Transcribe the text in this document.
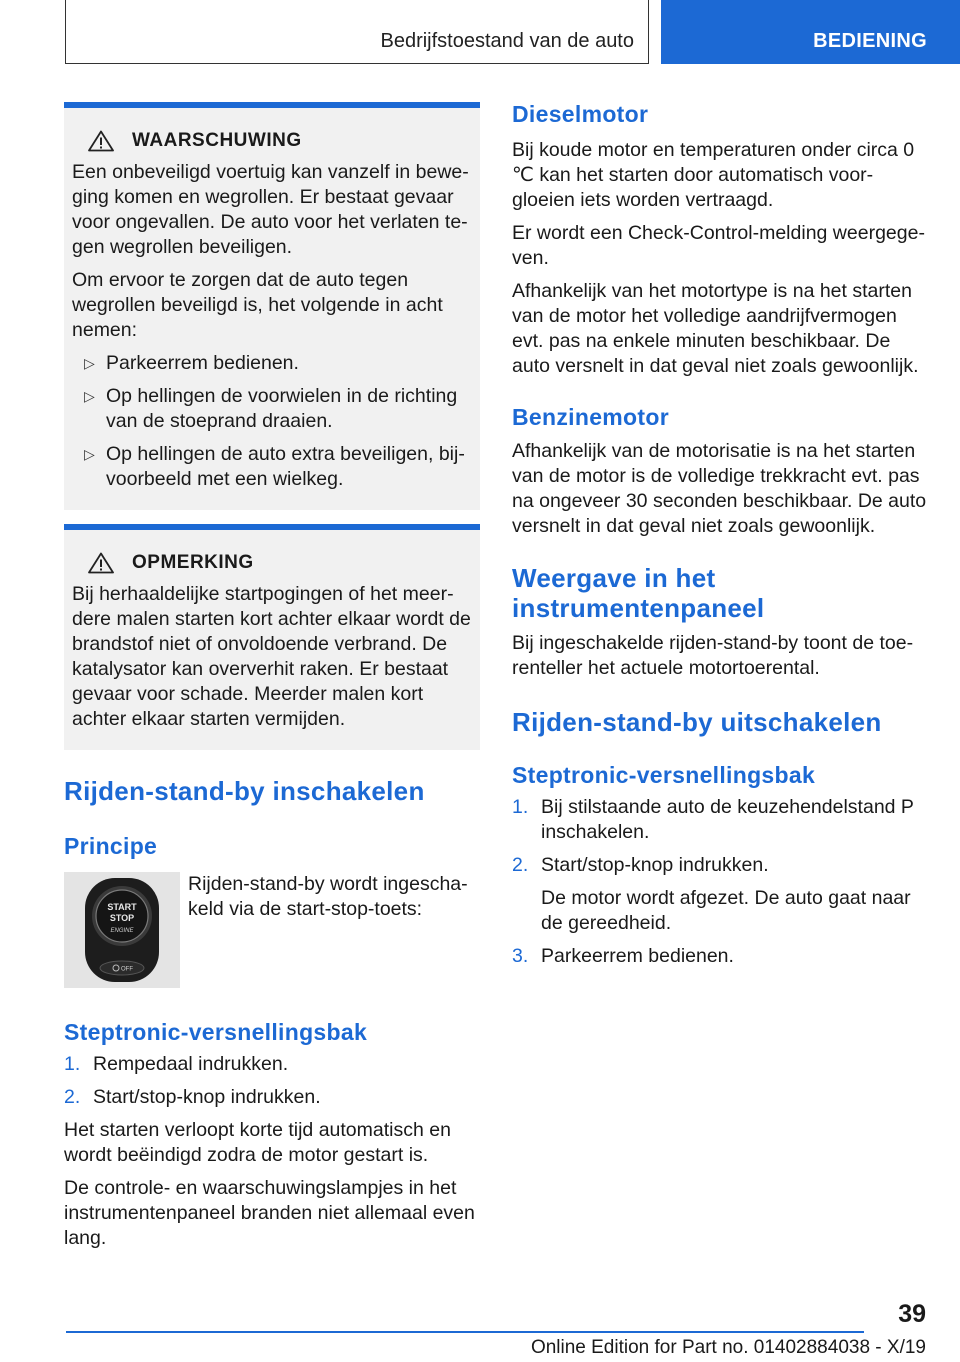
Bedrijfstoestand van de auto	BEDIENING
WAARSCHUWING

Een onbeveiligd voertuig kan vanzelf in beweging komen en wegrollen. Er bestaat gevaar voor ongevallen. De auto voor het verlaten tegen wegrollen beveiligen.

Om ervoor te zorgen dat de auto tegen wegrollen beveiligd is, het volgende in acht nemen:

▷ Parkeerrem bedienen.
▷ Op hellingen de voorwielen in de richting van de stoeprand draaien.
▷ Op hellingen de auto extra beveiligen, bijvoorbeeld met een wielkeg.
OPMERKING

Bij herhaaldelijke startpogingen of het meerdere malen starten kort achter elkaar wordt de brandstof niet of onvoldoende verbrand. De katalysator kan oververhit raken. Er bestaat gevaar voor schade. Meerder malen kort achter elkaar starten vermijden.

Rijden-stand-by inschakelen
Principe
START
STOP
ENGINE
OFF

Rijden-stand-by wordt ingeschakeld via de start-stop-toets:

Steptronic-versnellingsbak
1. Rempedaal indrukken.
2. Start/stop-knop indrukken.

Het starten verloopt korte tijd automatisch en wordt beëindigd zodra de motor gestart is.

De controle- en waarschuwingslampjes in het instrumentenpaneel branden niet allemaal even lang.

Dieselmotor

Bij koude motor en temperaturen onder circa 0 ℃ kan het starten door automatisch voorgloeien iets worden vertraagd.

Er wordt een Check-Control-melding weergegeven.

Afhankelijk van het motortype is na het starten van de motor het volledige aandrijfvermogen evt. pas na enkele minuten beschikbaar. De auto versnelt in dat geval niet zoals gewoonlijk.

Benzinemotor

Afhankelijk van de motorisatie is na het starten van de motor is de volledige trekkracht evt. pas na ongeveer 30 seconden beschikbaar. De auto versnelt in dat geval niet zoals gewoonlijk.

Weergave in het instrumentenpaneel

Bij ingeschakelde rijden-stand-by toont de toerenteller het actuele motortoerental.

Rijden-stand-by uitschakelen
Steptronic-versnellingsbak
1. Bij stilstaande auto de keuzehendelstand P inschakelen.
2. Start/stop-knop indrukken.
De motor wordt afgezet. De auto gaat naar de gereedheid.
3. Parkeerrem bedienen.
39
Online Edition for Part no. 01402884038 - X/19
